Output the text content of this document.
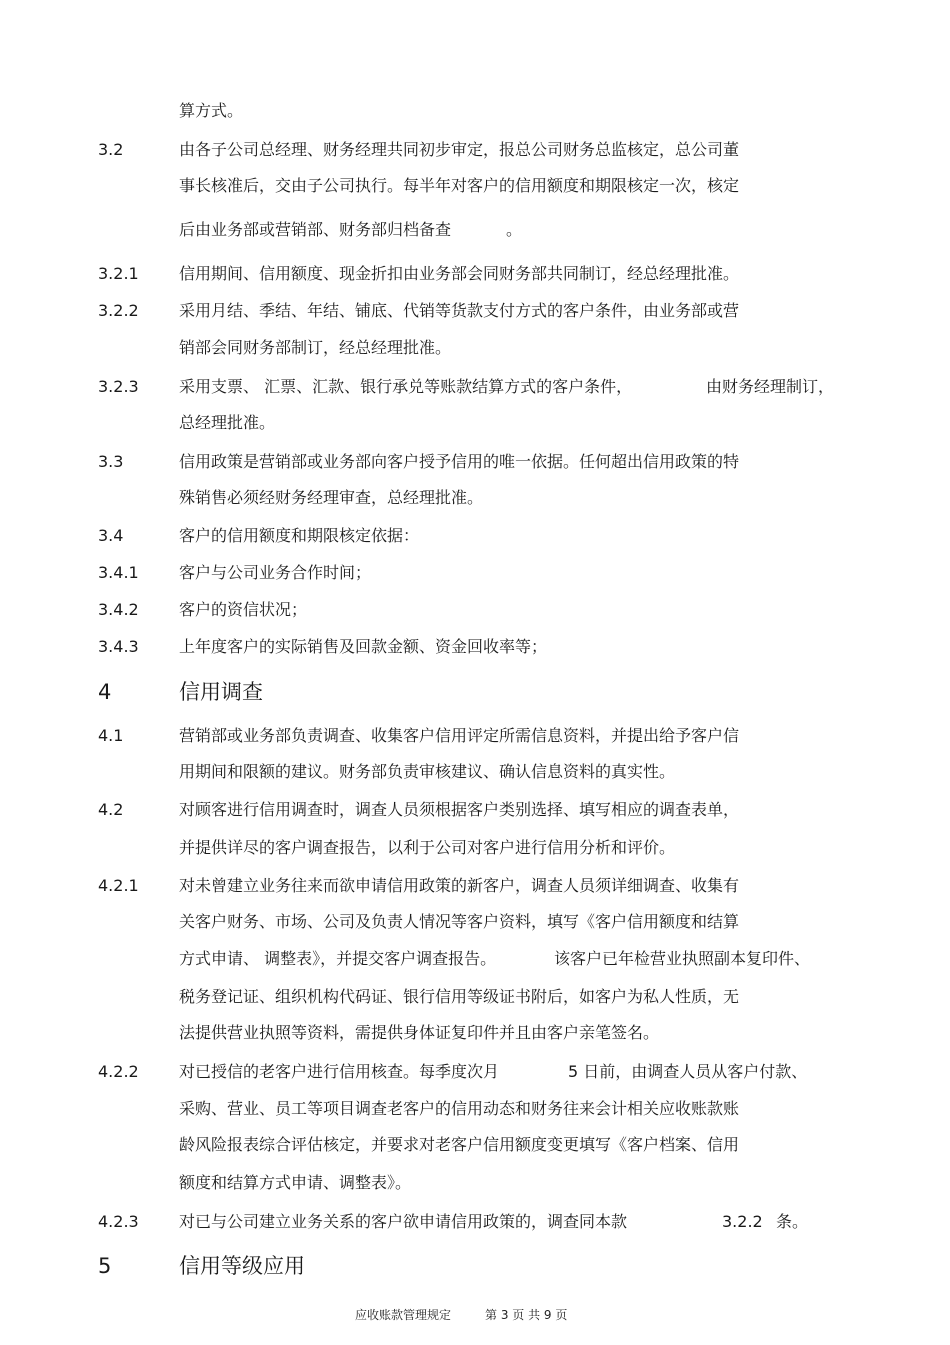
算方式。
3.2	由各子公司总经理、财务经理共同初步审定，报总公司财务总监核定，总公司董
事长核准后，交由子公司执行。每半年对客户的信用额度和期限核定一次，核定
后由业务部或营销部、财务部归档备查	。
3.2.1	信用期间、信用额度、现金折扣由业务部会同财务部共同制订，经总经理批准。
3.2.2	采用月结、季结、年结、铺底、代销等货款支付方式的客户条件，由业务部或营
销部会同财务部制订，经总经理批准。
3.2.3	采用支票、 汇票、汇款、银行承兑等账款结算方式的客户条件，	由财务经理制订，
总经理批准。
3.3	信用政策是营销部或业务部向客户授予信用的唯一依据。任何超出信用政策的特
殊销售必须经财务经理审查，总经理批准。
3.4	客户的信用额度和期限核定依据：
3.4.1	客户与公司业务合作时间；
3.4.2	客户的资信状况；
3.4.3	上年度客户的实际销售及回款金额、资金回收率等；
4	信用调查
4.1	营销部或业务部负责调查、收集客户信用评定所需信息资料，并提出给予客户信
用期间和限额的建议。财务部负责审核建议、确认信息资料的真实性。
4.2	对顾客进行信用调查时，调查人员须根据客户类别选择、填写相应的调查表单，
并提供详尽的客户调查报告，以利于公司对客户进行信用分析和评价。
4.2.1	对未曾建立业务往来而欲申请信用政策的新客户，调查人员须详细调查、收集有
关客户财务、市场、公司及负责人情况等客户资料，填写《客户信用额度和结算
方式申请、 调整表》，并提交客户调查报告。	该客户已年检营业执照副本复印件、
税务登记证、组织机构代码证、银行信用等级证书附后，如客户为私人性质，无
法提供营业执照等资料，需提供身体证复印件并且由客户亲笔签名。
4.2.2	对已授信的老客户进行信用核查。每季度次月	5 日前，由调查人员从客户付款、
采购、营业、员工等项目调查老客户的信用动态和财务往来会计相关应收账款账
龄风险报表综合评估核定，并要求对老客户信用额度变更填写《客户档案、信用
额度和结算方式申请、调整表》。
4.2.3	对已与公司建立业务关系的客户欲申请信用政策的，调查同本款	3.2.2 条。
5	信用等级应用
应收账款管理规定	第 3 页 共 9 页
